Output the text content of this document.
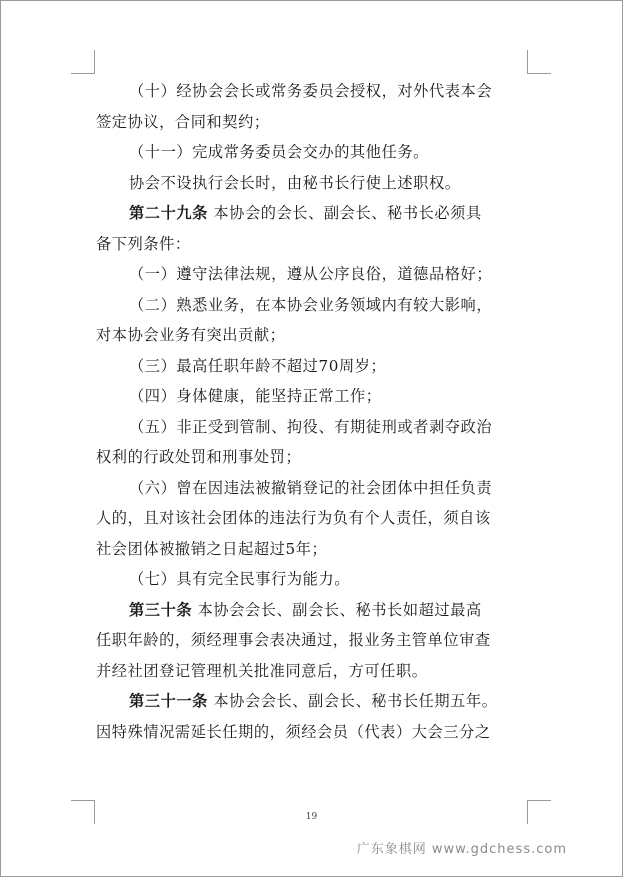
（十）经协会会长或常务委员会授权，对外代表本会
签定协议，合同和契约；
（十一）完成常务委员会交办的其他任务。
协会不设执行会长时，由秘书长行使上述职权。
第二十九条 本协会的会长、副会长、秘书长必须具
备下列条件：
（一）遵守法律法规，遵从公序良俗，道德品格好；
（二）熟悉业务，在本协会业务领域内有较大影响，
对本协会业务有突出贡献；
（三）最高任职年龄不超过70周岁；
（四）身体健康，能坚持正常工作；
（五）非正受到管制、拘役、有期徒刑或者剥夺政治
权利的行政处罚和刑事处罚；
（六）曾在因违法被撤销登记的社会团体中担任负责
人的，且对该社会团体的违法行为负有个人责任，须自该
社会团体被撤销之日起超过5年；
（七）具有完全民事行为能力。
第三十条 本协会会长、副会长、秘书长如超过最高
任职年龄的，须经理事会表决通过，报业务主管单位审查
并经社团登记管理机关批准同意后，方可任职。
第三十一条 本协会会长、副会长、秘书长任期五年。
因特殊情况需延长任期的，须经会员（代表）大会三分之
19
广东象棋网 www.gdchess.com
